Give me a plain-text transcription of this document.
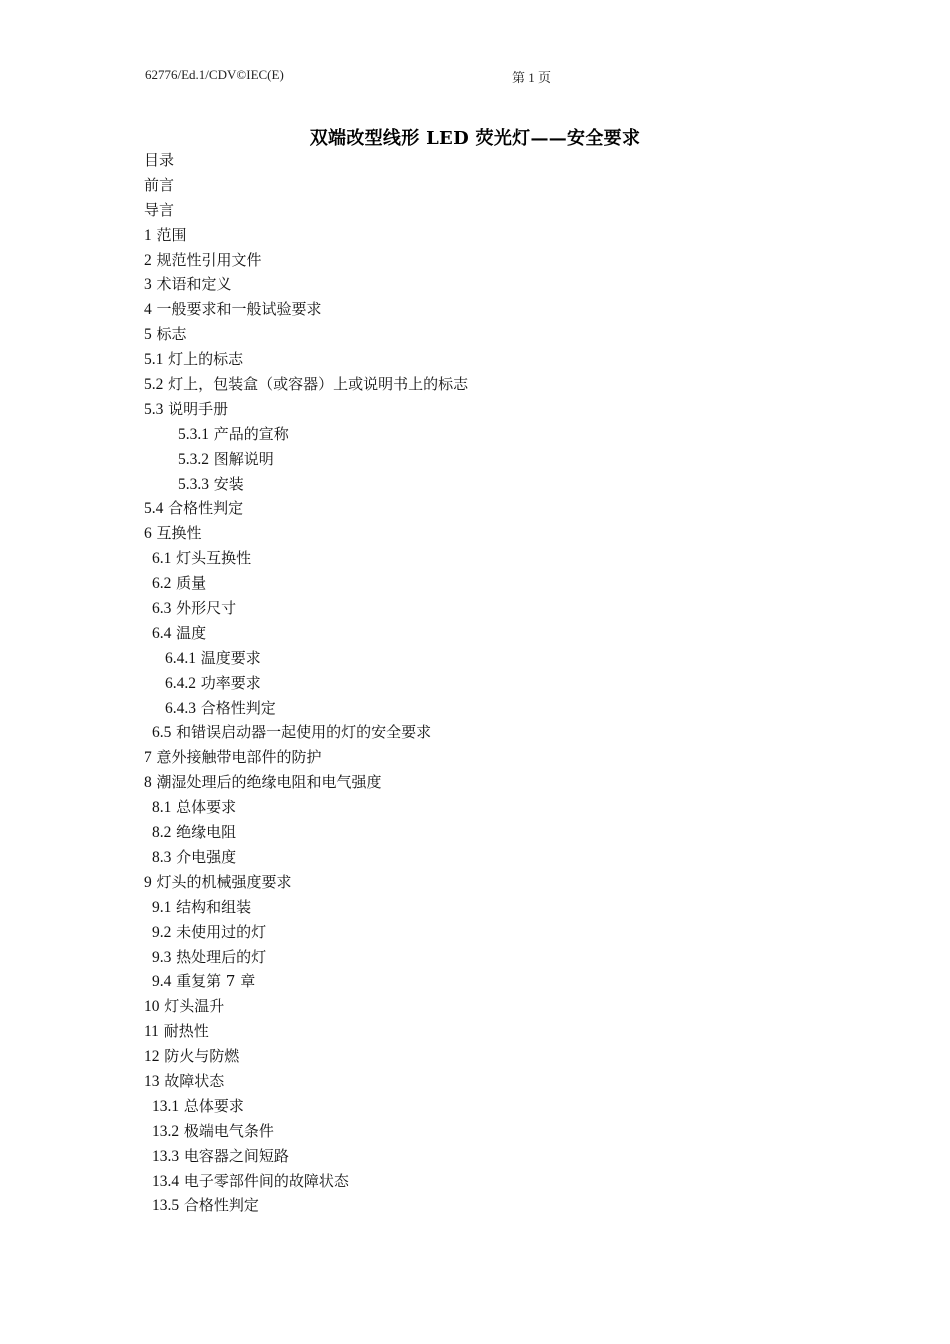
62776/Ed.1/CDV©IEC(E)	第 1 页
双端改型线形 LED 荧光灯——安全要求
目录
前言
导言
1 范围
2 规范性引用文件
3 术语和定义
4 一般要求和一般试验要求
5 标志
5.1 灯上的标志
5.2 灯上，包装盒（或容器）上或说明书上的标志
5.3 说明手册
5.3.1 产品的宣称
5.3.2 图解说明
5.3.3 安装
5.4 合格性判定
6 互换性
6.1 灯头互换性
6.2 质量
6.3 外形尺寸
6.4 温度
6.4.1 温度要求
6.4.2 功率要求
6.4.3 合格性判定
6.5 和错误启动器一起使用的灯的安全要求
7 意外接触带电部件的防护
8 潮湿处理后的绝缘电阻和电气强度
8.1 总体要求
8.2 绝缘电阻
8.3 介电强度
9 灯头的机械强度要求
9.1 结构和组装
9.2 未使用过的灯
9.3 热处理后的灯
9.4 重复第 7 章
10 灯头温升
11 耐热性
12 防火与防燃
13 故障状态
13.1 总体要求
13.2 极端电气条件
13.3 电容器之间短路
13.4 电子零部件间的故障状态
13.5 合格性判定
